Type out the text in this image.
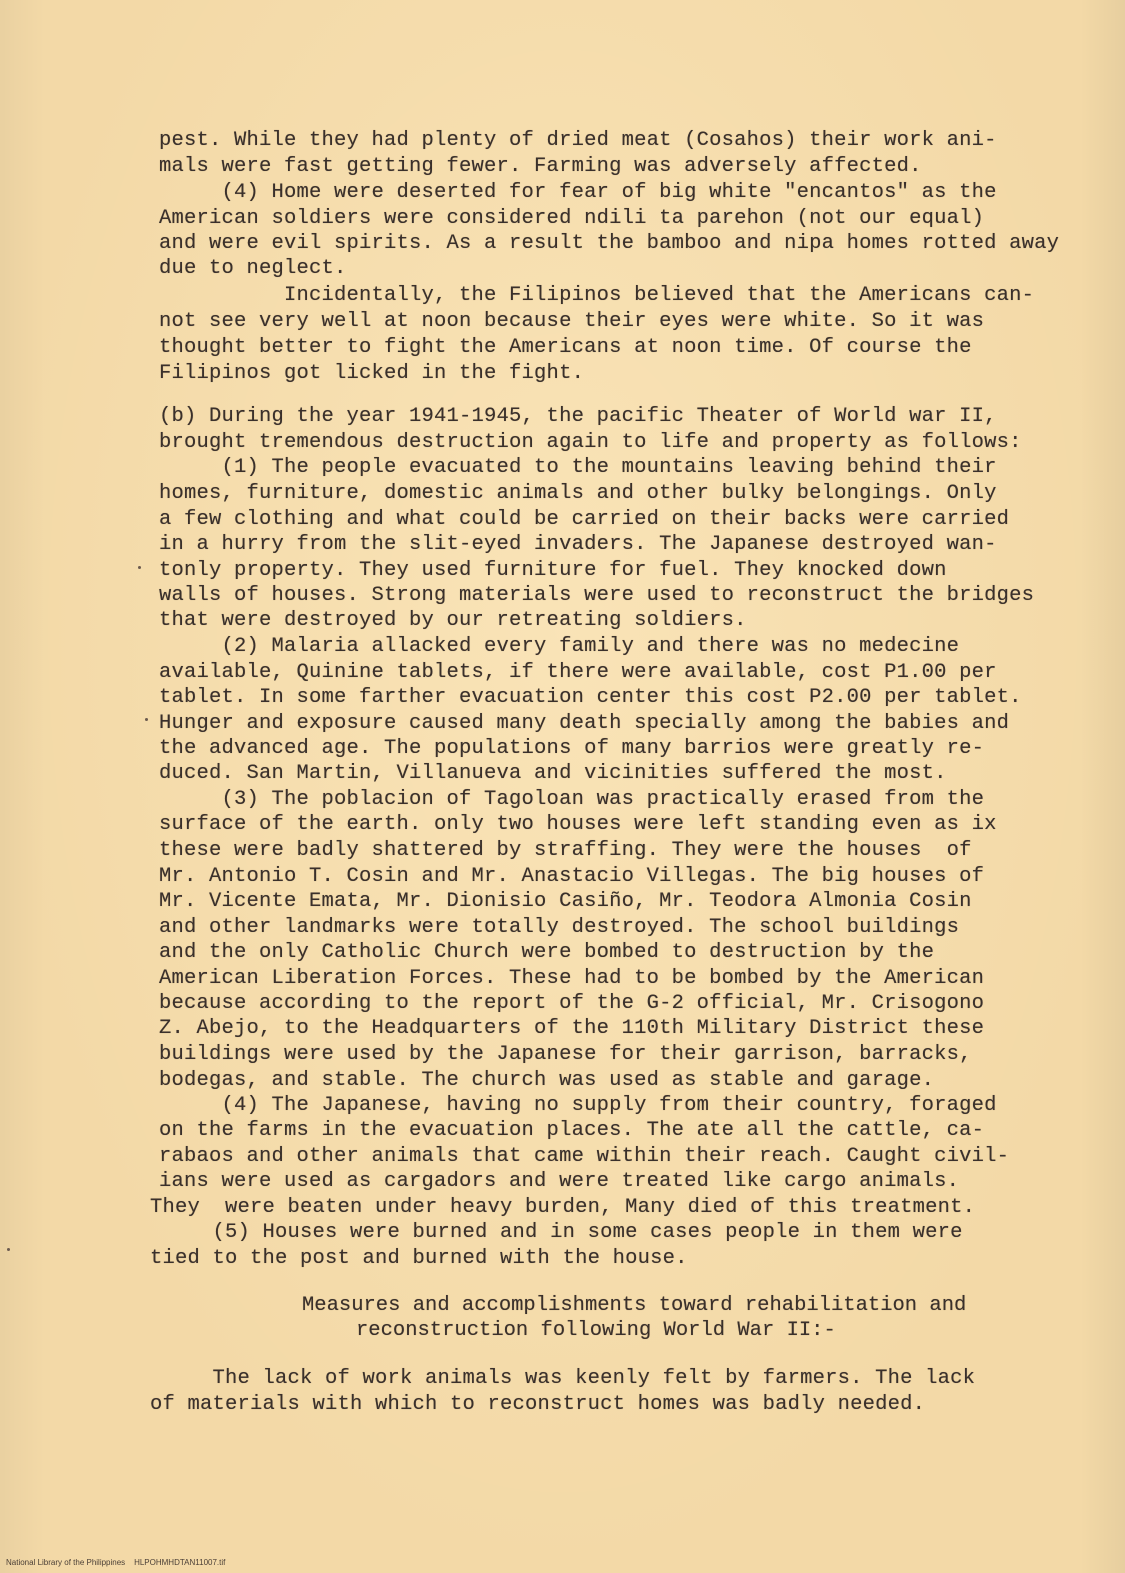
pest. While they had plenty of dried meat (Cosahos) their work ani-
mals were fast getting fewer. Farming was adversely affected.
(4) Home were deserted for fear of big white "encantos" as the
American soldiers were considered ndili ta parehon (not our equal)
and were evil spirits. As a result the bamboo and nipa homes rotted away
due to neglect.
Incidentally, the Filipinos believed that the Americans can-
not see very well at noon because their eyes were white. So it was
thought better to fight the Americans at noon time. Of course the
Filipinos got licked in the fight.
(b) During the year 1941-1945, the pacific Theater of World war II,
brought tremendous destruction again to life and property as follows:
(1) The people evacuated to the mountains leaving behind their
homes, furniture, domestic animals and other bulky belongings. Only
a few clothing and what could be carried on their backs were carried
in a hurry from the slit-eyed invaders. The Japanese destroyed wan-
tonly property. They used furniture for fuel. They knocked down
walls of houses. Strong materials were used to reconstruct the bridges
that were destroyed by our retreating soldiers.
(2) Malaria allacked every family and there was no medecine
available, Quinine tablets, if there were available, cost P1.00 per
tablet. In some farther evacuation center this cost P2.00 per tablet.
Hunger and exposure caused many death specially among the babies and
the advanced age. The populations of many barrios were greatly re-
duced. San Martin, Villanueva and vicinities suffered the most.
(3) The poblacion of Tagoloan was practically erased from the
surface of the earth. only two houses were left standing even as ix
these were badly shattered by straffing. They were the houses  of
Mr. Antonio T. Cosin and Mr. Anastacio Villegas. The big houses of
Mr. Vicente Emata, Mr. Dionisio Casiño, Mr. Teodora Almonia Cosin
and other landmarks were totally destroyed. The school buildings
and the only Catholic Church were bombed to destruction by the
American Liberation Forces. These had to be bombed by the American
because according to the report of the G-2 official, Mr. Crisogono
Z. Abejo, to the Headquarters of the 110th Military District these
buildings were used by the Japanese for their garrison, barracks,
bodegas, and stable. The church was used as stable and garage.
(4) The Japanese, having no supply from their country, foraged
on the farms in the evacuation places. The ate all the cattle, ca-
rabaos and other animals that came within their reach. Caught civil-
ians were used as cargadors and were treated like cargo animals.
They  were beaten under heavy burden, Many died of this treatment.
(5) Houses were burned and in some cases people in them were
tied to the post and burned with the house.
Measures and accomplishments toward rehabilitation and
reconstruction following World War II:-
The lack of work animals was keenly felt by farmers. The lack
of materials with which to reconstruct homes was badly needed.
National Library of the Philippines    HLPOHMHDTAN11007.tif
